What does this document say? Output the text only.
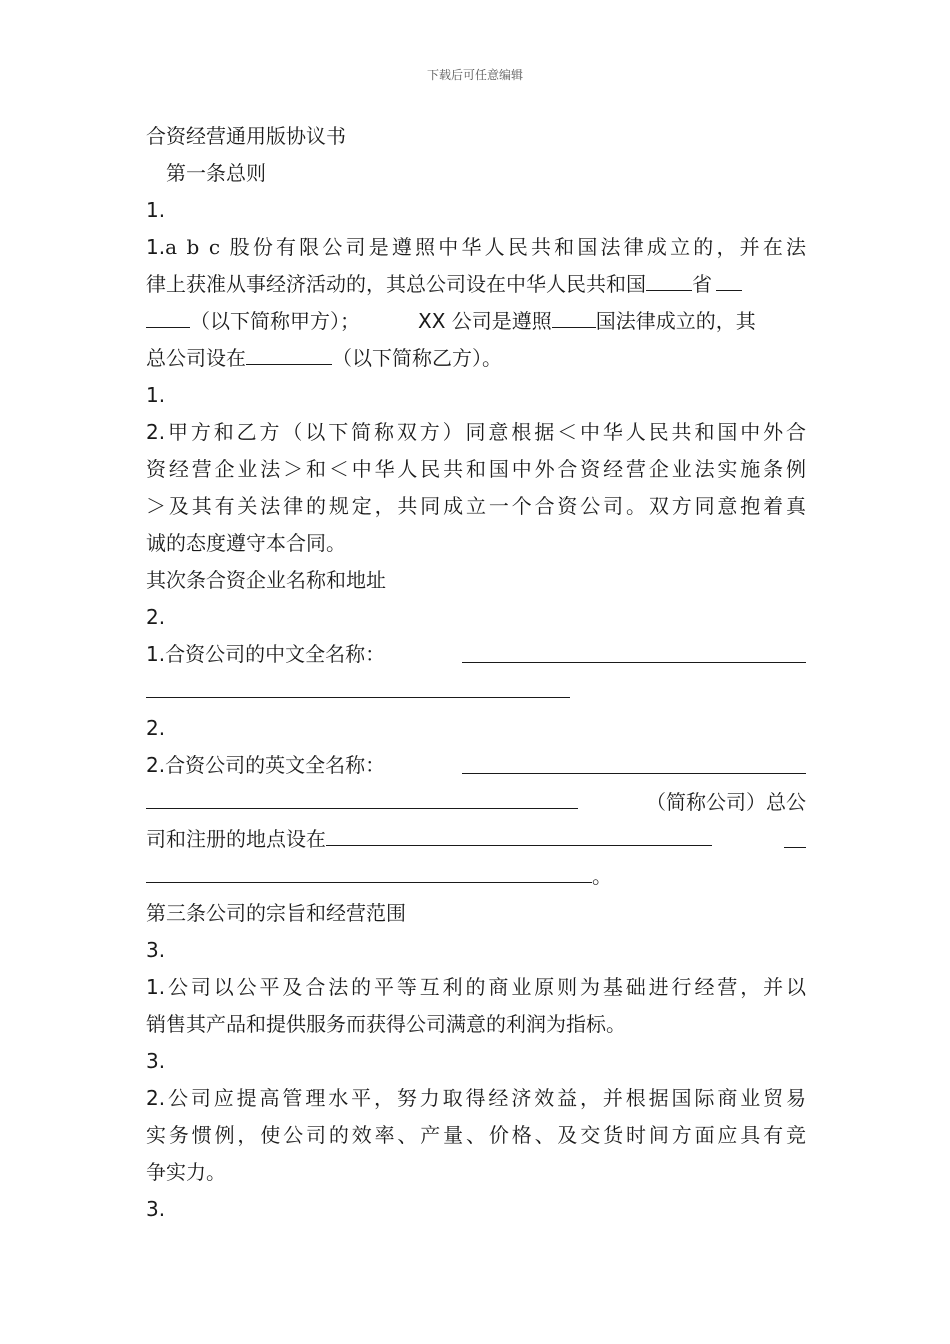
下载后可任意编辑
合资经营通用版协议书
第一条总则
1.
1.a b c 股份有限公司是遵照中华人民共和国法律成立的，并在法
律上获准从事经济活动的，其总公司设在中华人民共和国 省
（以下简称甲方）；	XX 公司是遵照 国法律成立的，其
总公司设在	（以下简称乙方）。
1.
2.甲方和乙方（以下简称双方）同意根据＜中华人民共和国中外合
资经营企业法＞和＜中华人民共和国中外合资经营企业法实施条例
＞及其有关法律的规定，共同成立一个合资公司。双方同意抱着真
诚的态度遵守本合同。
其次条合资企业名称和地址
2.
1.合资公司的中文全名称：
2.
2.合资公司的英文全名称：
（简称公司）总公
司和注册的地点设在
。
第三条公司的宗旨和经营范围
3.
1.公司以公平及合法的平等互利的商业原则为基础进行经营，并以
销售其产品和提供服务而获得公司满意的利润为指标。
3.
2.公司应提高管理水平，努力取得经济效益，并根据国际商业贸易
实务惯例，使公司的效率、产量、价格、及交货时间方面应具有竞
争实力。
3.
